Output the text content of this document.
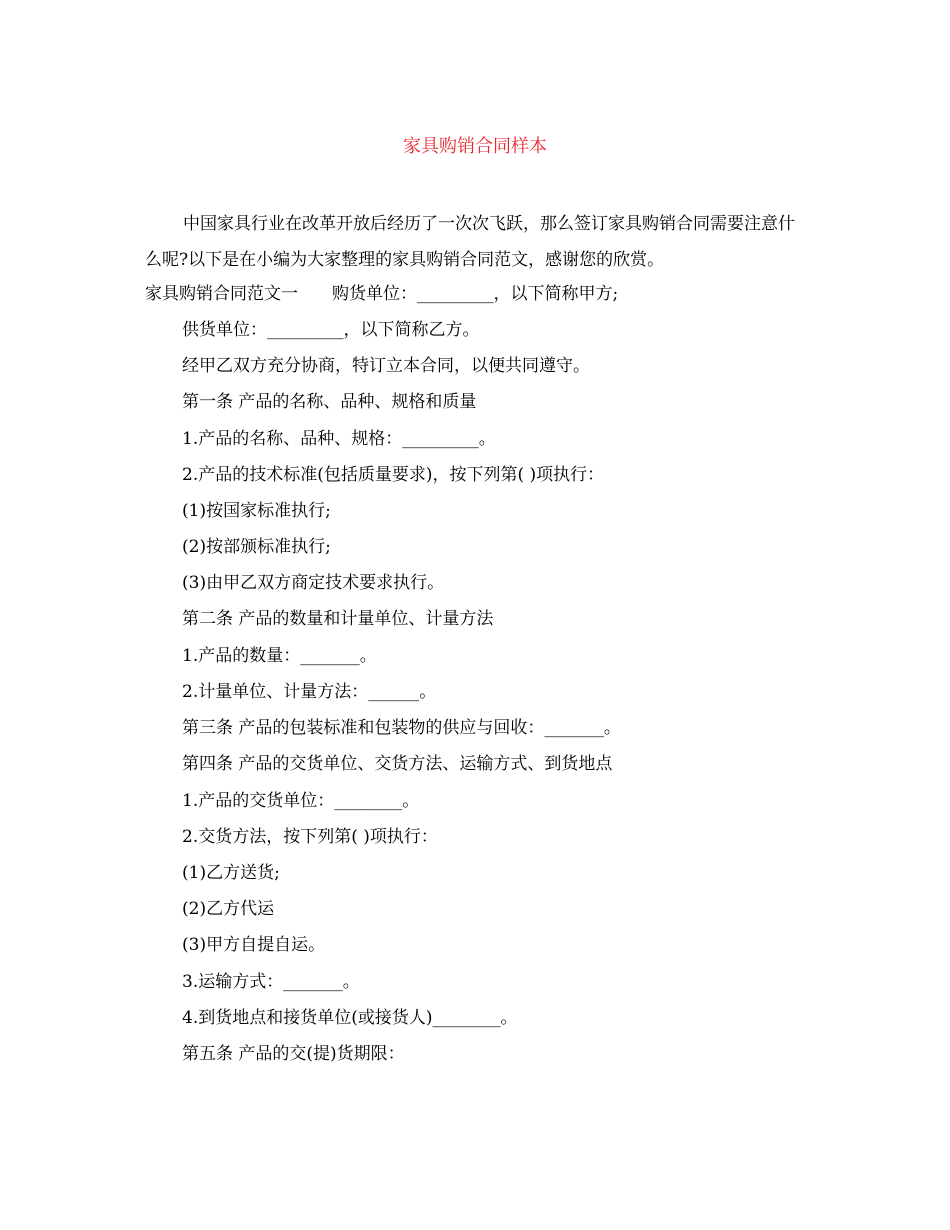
家具购销合同样本

中国家具行业在改革开放后经历了一次次飞跃，那么签订家具购销合同需要注意什么呢?以下是在小编为大家整理的家具购销合同范文，感谢您的欣赏。

家具购销合同范文一 购货单位：_________，以下简称甲方;
供货单位：_________，以下简称乙方。
经甲乙双方充分协商，特订立本合同，以便共同遵守。
第一条 产品的名称、品种、规格和质量
1.产品的名称、品种、规格：_________。
2.产品的技术标准(包括质量要求)，按下列第( )项执行：
(1)按国家标准执行;
(2)按部颁标准执行;
(3)由甲乙双方商定技术要求执行。
第二条 产品的数量和计量单位、计量方法
1.产品的数量：_______。
2.计量单位、计量方法：______。
第三条 产品的包装标准和包装物的供应与回收：_______。
第四条 产品的交货单位、交货方法、运输方式、到货地点
1.产品的交货单位：________。
2.交货方法，按下列第( )项执行：
(1)乙方送货;
(2)乙方代运
(3)甲方自提自运。
3.运输方式：_______。
4.到货地点和接货单位(或接货人)________。
第五条 产品的交(提)货期限：
